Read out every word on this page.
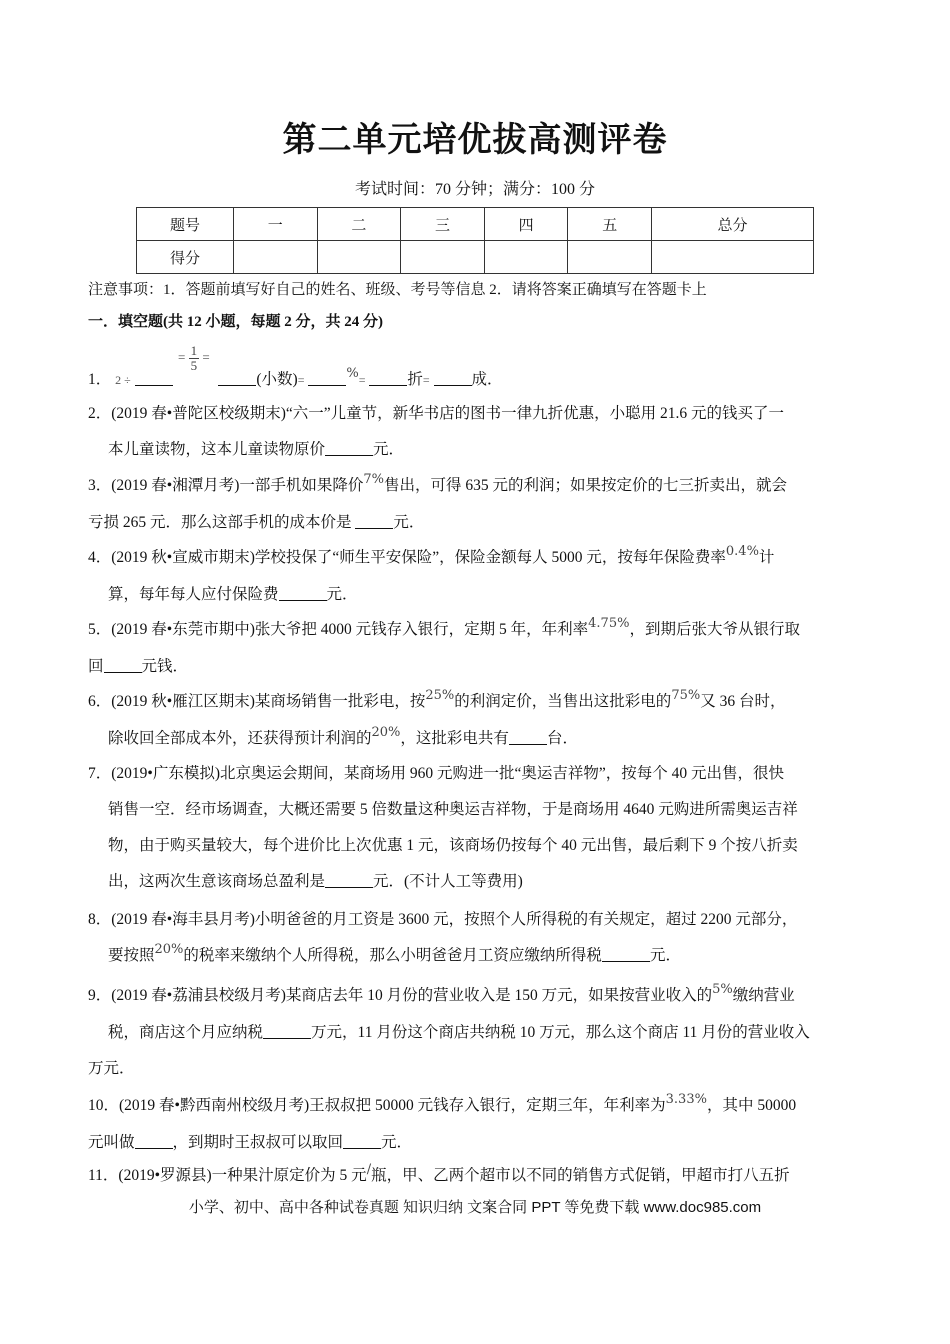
第二单元培优拔高测评卷
考试时间：70 分钟；满分：100 分
题号	一	二	三	四	五	总分
得分						
注意事项：1．答题前填写好自己的姓名、班级、考号等信息 2．请将答案正确填写在答题卡上
一．填空题(共 12 小题，每题 2 分，共 24 分)
= $\frac{1}{5}$ =
1． 2 ÷	(小数)=	%=	折=	成．
2．(2019 春•普陀区校级期末)“六一”儿童节，新华书店的图书一律九折优惠，小聪用 21.6 元的钱买了一
本儿童读物，这本儿童读物原价	元．
3．(2019 春•湘潭月考)一部手机如果降价$^{7\%}$售出，可得 635 元的利润；如果按定价的七三折卖出，就会
亏损 265 元．那么这部手机的成本价是	元．
4．(2019 秋•宣威市期末)学校投保了“师生平安保险”，保险金额每人 5000 元，按每年保险费率$^{0.4\%}$计
算，每年每人应付保险费	元．
5．(2019 春•东莞市期中)张大爷把 4000 元钱存入银行，定期 5 年，年利率$^{4.75\%}$，到期后张大爷从银行取
回 元钱．
6．(2019 秋•雁江区期末)某商场销售一批彩电，按$^{25\%}$的利润定价，当售出这批彩电的$^{75\%}$又 36 台时，
除收回全部成本外，还获得预计利润的$^{20\%}$，这批彩电共有 台．
7．(2019•广东模拟)北京奥运会期间，某商场用 960 元购进一批“奥运吉祥物”，按每个 40 元出售，很快
销售一空．经市场调查，大概还需要 5 倍数量这种奥运吉祥物，于是商场用 4640 元购进所需奥运吉祥
物，由于购买量较大，每个进价比上次优惠 1 元，该商场仍按每个 40 元出售，最后剩下 9 个按八折卖
出，这两次生意该商场总盈利是	元．(不计人工等费用)
8．(2019 春•海丰县月考)小明爸爸的月工资是 3600 元，按照个人所得税的有关规定，超过 2200 元部分，
要按照$^{20\%}$的税率来缴纳个人所得税，那么小明爸爸月工资应缴纳所得税	元．
9．(2019 春•荔浦县校级月考)某商店去年 10 月份的营业收入是 150 万元，如果按营业收入的$^{5\%}$缴纳营业
税，商店这个月应纳税	万元，11 月份这个商店共纳税 10 万元，那么这个商店 11 月份的营业收入
万元．
10．(2019 春•黔西南州校级月考)王叔叔把 50000 元钱存入银行，定期三年，年利率为$^{3.33\%}$，其中 50000
元叫做 ，到期时王叔叔可以取回 元．
11．(2019•罗源县)一种果汁原定价为 5 元/瓶，甲、乙两个超市以不同的销售方式促销，甲超市打八五折
小学、初中、高中各种试卷真题 知识归纳 文案合同 PPT 等免费下载 www.doc985.com
